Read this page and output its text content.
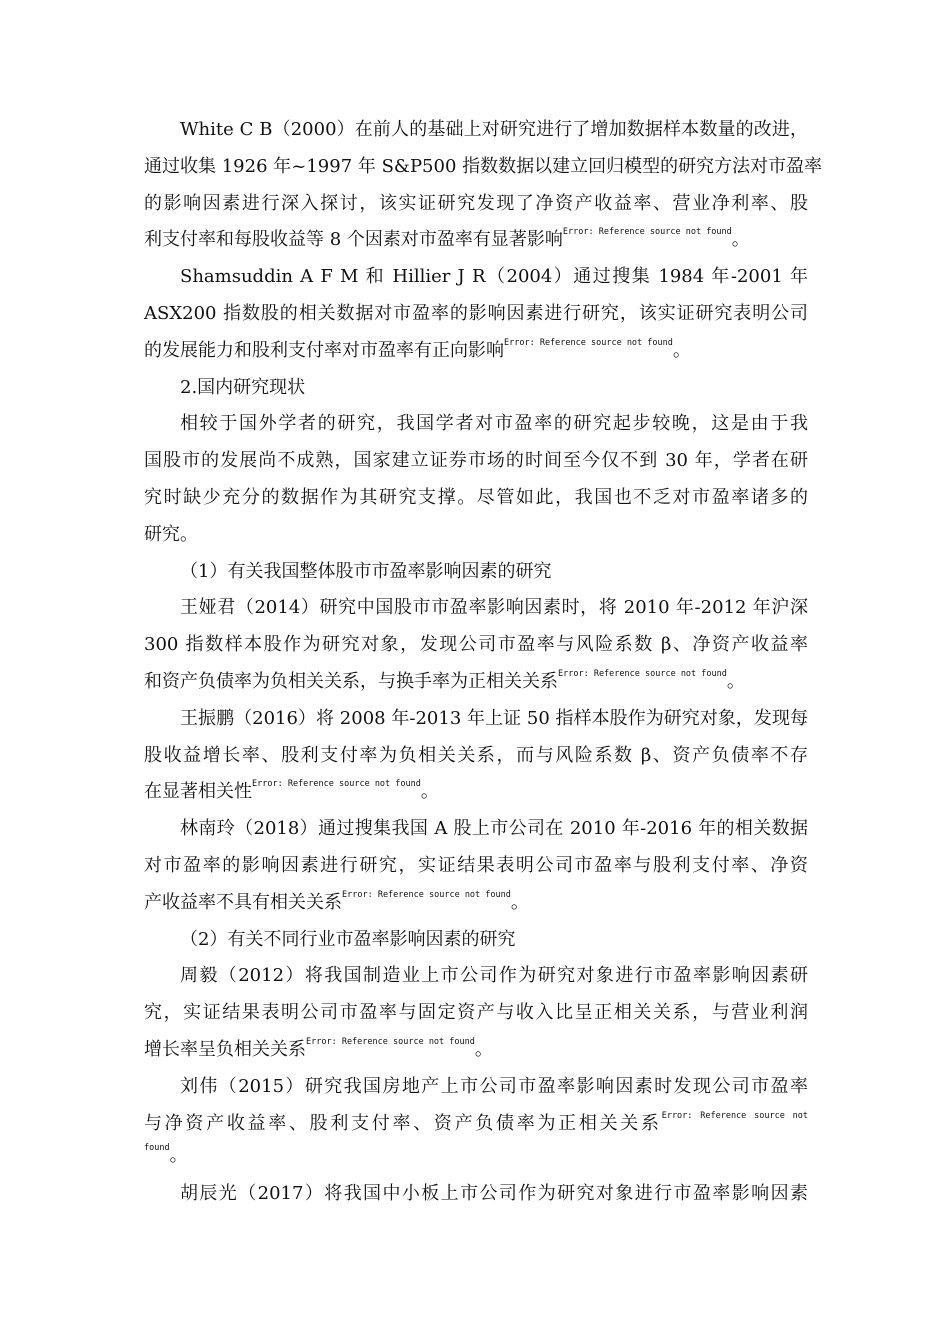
White C B（2000）在前人的基础上对研究进行了增加数据样本数量的改进，
通过收集 1926 年~1997 年 S&P500 指数数据以建立回归模型的研究方法对市盈率
的影响因素进行深入探讨，该实证研究发现了净资产收益率、营业净利率、股
利支付率和每股收益等 8 个因素对市盈率有显著影响$^{Error: Reference source not found}$。

Shamsuddin A F M 和 Hillier J R（2004）通过搜集 1984 年-2001 年
ASX200 指数股的相关数据对市盈率的影响因素进行研究，该实证研究表明公司
的发展能力和股利支付率对市盈率有正向影响$^{Error: Reference source not found}$。

2.国内研究现状

相较于国外学者的研究，我国学者对市盈率的研究起步较晚，这是由于我
国股市的发展尚不成熟，国家建立证券市场的时间至今仅不到 30 年，学者在研
究时缺少充分的数据作为其研究支撑。尽管如此，我国也不乏对市盈率诸多的
研究。

（1）有关我国整体股市市盈率影响因素的研究

王娅君（2014）研究中国股市市盈率影响因素时，将 2010 年-2012 年沪深
300 指数样本股作为研究对象，发现公司市盈率与风险系数 β、净资产收益率
和资产负债率为负相关关系，与换手率为正相关关系$^{Error: Reference source not found}$。

王振鹏（2016）将 2008 年-2013 年上证 50 指样本股作为研究对象，发现每
股收益增长率、股利支付率为负相关关系，而与风险系数 β、资产负债率不存
在显著相关性$^{Error: Reference source not found}$。

林南玲（2018）通过搜集我国 A 股上市公司在 2010 年-2016 年的相关数据
对市盈率的影响因素进行研究，实证结果表明公司市盈率与股利支付率、净资
产收益率不具有相关关系$^{Error: Reference source not found}$。

（2）有关不同行业市盈率影响因素的研究

周毅（2012）将我国制造业上市公司作为研究对象进行市盈率影响因素研
究，实证结果表明公司市盈率与固定资产与收入比呈正相关关系，与营业利润
增长率呈负相关关系$^{Error: Reference source not found}$。

刘伟（2015）研究我国房地产上市公司市盈率影响因素时发现公司市盈率
与净资产收益率、股利支付率、资产负债率为正相关关系$^{Error: Reference source not}$
$^{found}$。

胡辰光（2017）将我国中小板上市公司作为研究对象进行市盈率影响因素
